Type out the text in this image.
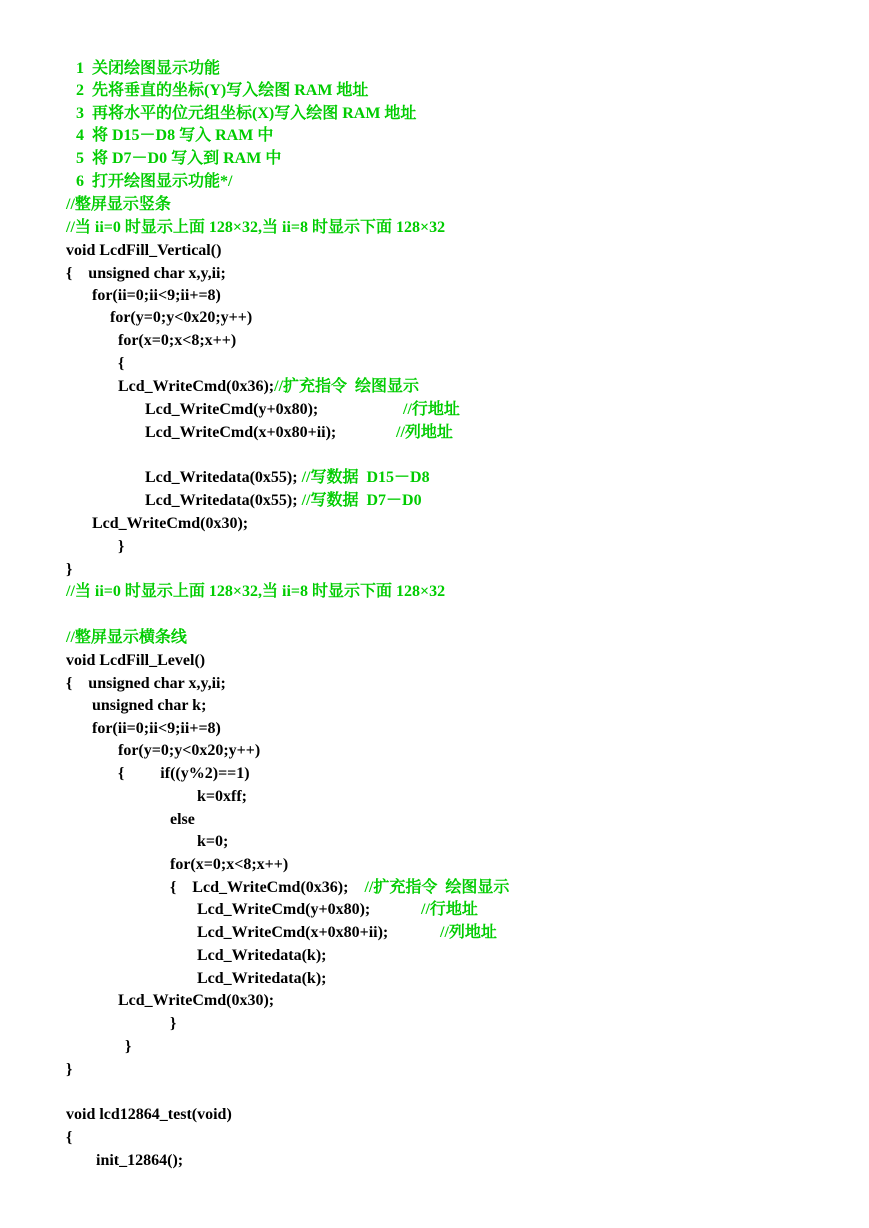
1  关闭绘图显示功能
2  先将垂直的坐标(Y)写入绘图 RAM 地址
3  再将水平的位元组坐标(X)写入绘图 RAM 地址
4  将 D15－D8 写入 RAM 中
5  将 D7－D0 写入到 RAM 中
6  打开绘图显示功能*/
//整屏显示竖条
//当 ii=0 时显示上面 128×32,当 ii=8 时显示下面 128×32
void LcdFill_Vertical()
{    unsigned char x,y,ii;
for(ii=0;ii<9;ii+=8)
for(y=0;y<0x20;y++)
for(x=0;x<8;x++)
{
Lcd_WriteCmd(0x36);//扩充指令  绘图显示
Lcd_WriteCmd(y+0x80);	//行地址
Lcd_WriteCmd(x+0x80+ii);	//列地址
Lcd_Writedata(0x55); //写数据  D15－D8
Lcd_Writedata(0x55); //写数据  D7－D0
Lcd_WriteCmd(0x30);
}
}
//当 ii=0 时显示上面 128×32,当 ii=8 时显示下面 128×32
//整屏显示横条线
void LcdFill_Level()
{    unsigned char x,y,ii;
unsigned char k;
for(ii=0;ii<9;ii+=8)
for(y=0;y<0x20;y++)
{         if((y%2)==1)
k=0xff;
else
k=0;
for(x=0;x<8;x++)
{    Lcd_WriteCmd(0x36);    //扩充指令  绘图显示
Lcd_WriteCmd(y+0x80);	//行地址
Lcd_WriteCmd(x+0x80+ii);	//列地址
Lcd_Writedata(k);
Lcd_Writedata(k);
Lcd_WriteCmd(0x30);
}
}
}
void lcd12864_test(void)
{
init_12864();
